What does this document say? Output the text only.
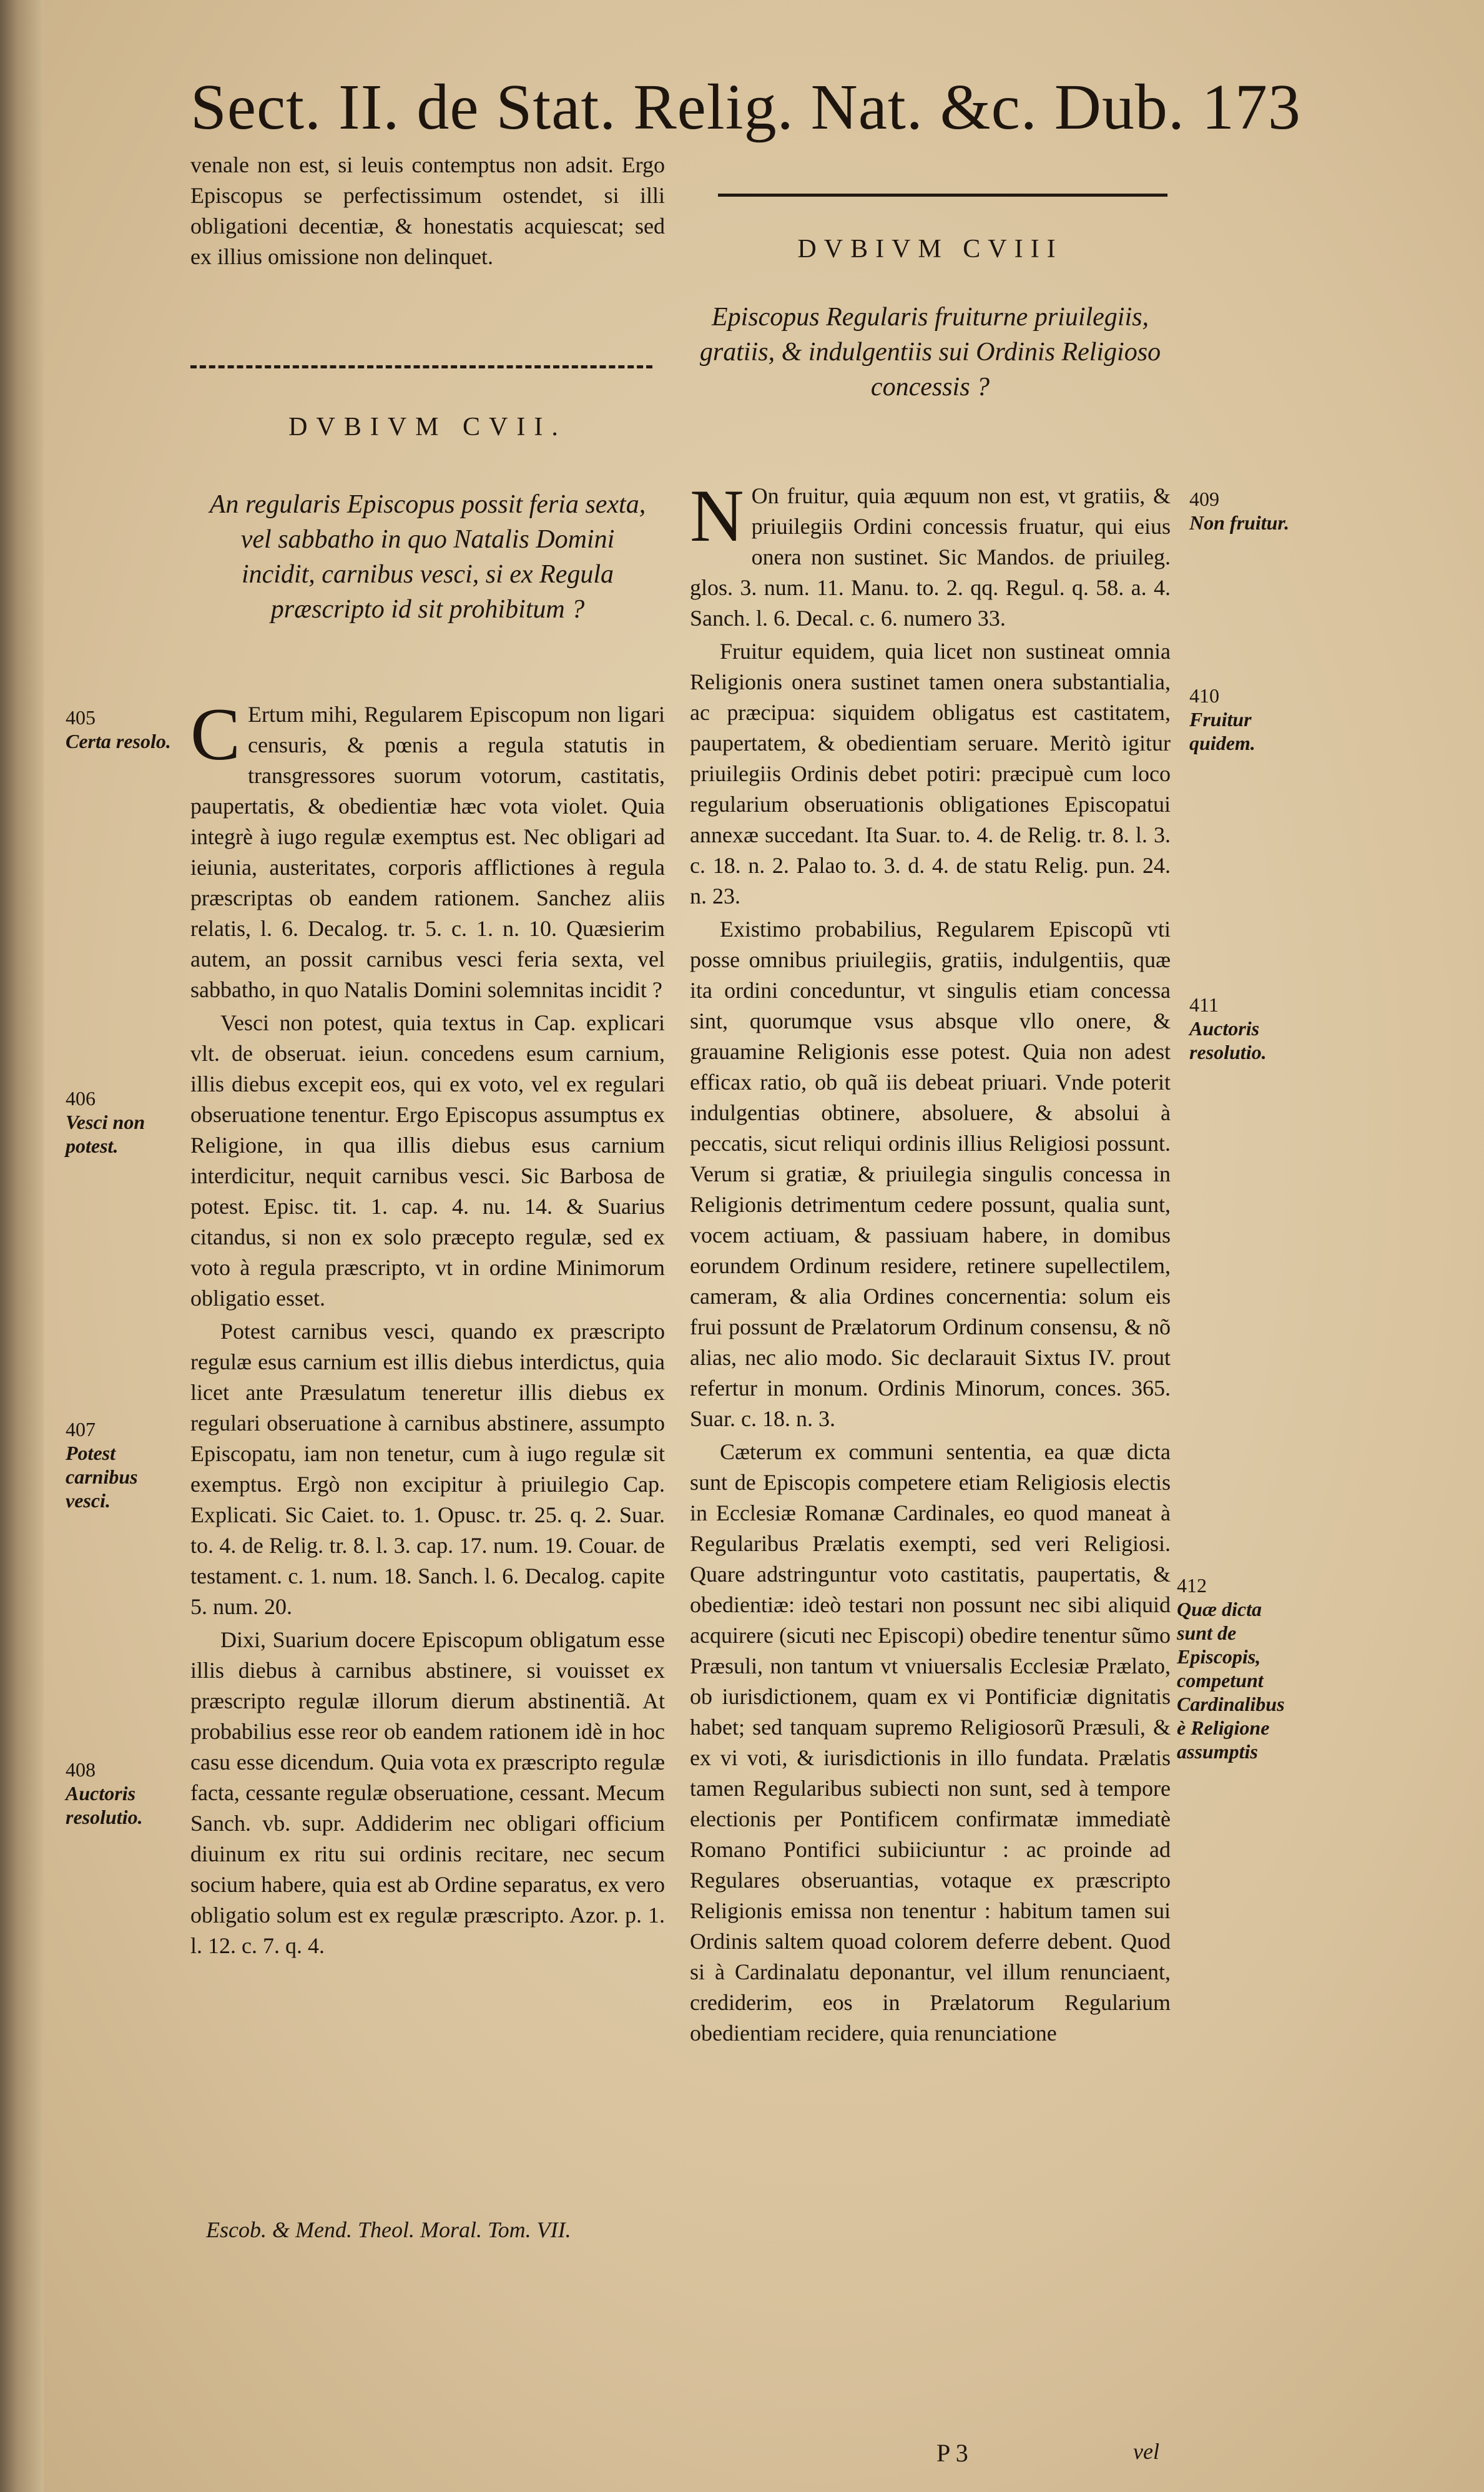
Sect. II. de Stat. Relig. Nat. &c. Dub. 173

venale non est, si leuis contemptus non adsit. Ergo Episcopus se perfectissimum ostendet, si illi obligationi decentiæ, & honestatis acquiescat; sed ex illius omissione non delinquet.

DVBIVM CVII.
An regularis Episcopus possit feria sexta, vel sabbatho in quo Natalis Domini incidit, carnibus vesci, si ex Regula præscripto id sit prohibitum ?

C Ertum mihi, Regularem Episcopum non ligari censuris, & pœnis a regula statutis in transgressores suorum votorum, castitatis, paupertatis, & obedientiæ hæc vota violet. Quia integrè à iugo regulæ exemptus est. Nec obligari ad ieiunia, austeritates, corporis afflictiones à regula præscriptas ob eandem rationem. Sanchez aliis relatis, l. 6. Decalog. tr. 5. c. 1. n. 10. Quæsierim autem, an possit carnibus vesci feria sexta, vel sabbatho, in quo Natalis Domini solemnitas incidit ?

Vesci non potest, quia textus in Cap. explicari vlt. de obseruat. ieiun. concedens esum carnium, illis diebus excepit eos, qui ex voto, vel ex regulari obseruatione tenentur. Ergo Episcopus assumptus ex Religione, in qua illis diebus esus carnium interdicitur, nequit carnibus vesci. Sic Barbosa de potest. Episc. tit. 1. cap. 4. nu. 14. & Suarius citandus, si non ex solo præcepto regulæ, sed ex voto à regula præscripto, vt in ordine Minimorum obligatio esset.

Potest carnibus vesci, quando ex præscripto regulæ esus carnium est illis diebus interdictus, quia licet ante Præsulatum teneretur illis diebus ex regulari obseruatione à carnibus abstinere, assumpto Episcopatu, iam non tenetur, cum à iugo regulæ sit exemptus. Ergò non excipitur à priuilegio Cap. Explicati. Sic Caiet. to. 1. Opusc. tr. 25. q. 2. Suar. to. 4. de Relig. tr. 8. l. 3. cap. 17. num. 19. Couar. de testament. c. 1. num. 18. Sanch. l. 6. Decalog. capite 5. num. 20.

Dixi, Suarium docere Episcopum obligatum esse illis diebus à carnibus abstinere, si vouisset ex præscripto regulæ illorum dierum abstinentiã. At probabilius esse reor ob eandem rationem idè in hoc casu esse dicendum. Quia vota ex præscripto regulæ facta, cessante regulæ obseruatione, cessant. Mecum Sanch. vb. supr. Addiderim nec obligari officium diuinum ex ritu sui ordinis recitare, nec secum socium habere, quia est ab Ordine separatus, ex vero obligatio solum est ex regulæ præscripto. Azor. p. 1. l. 12. c. 7. q. 4.

Escob. & Mend. Theol. Moral. Tom. VII.
405
Certa resolo.
406
Vesci non potest.
407
Potest carnibus vesci.
408
Auctoris resolutio.
DVBIVM CVIII
Episcopus Regularis fruiturne priuilegiis, gratiis, & indulgentiis sui Ordinis Religioso concessis ?

N On fruitur, quia æquum non est, vt gratiis, & priuilegiis Ordini concessis fruatur, qui eius onera non sustinet. Sic Mandos. de priuileg. glos. 3. num. 11. Manu. to. 2. qq. Regul. q. 58. a. 4. Sanch. l. 6. Decal. c. 6. numero 33.

Fruitur equidem, quia licet non sustineat omnia Religionis onera sustinet tamen onera substantialia, ac præcipua: siquidem obligatus est castitatem, paupertatem, & obedientiam seruare. Meritò igitur priuilegiis Ordinis debet potiri: præcipuè cum loco regularium obseruationis obligationes Episcopatui annexæ succedant. Ita Suar. to. 4. de Relig. tr. 8. l. 3. c. 18. n. 2. Palao to. 3. d. 4. de statu Relig. pun. 24. n. 23.

Existimo probabilius, Regularem Episcopũ vti posse omnibus priuilegiis, gratiis, indulgentiis, quæ ita ordini conceduntur, vt singulis etiam concessa sint, quorumque vsus absque vllo onere, & grauamine Religionis esse potest. Quia non adest efficax ratio, ob quã iis debeat priuari. Vnde poterit indulgentias obtinere, absoluere, & absolui à peccatis, sicut reliqui ordinis illius Religiosi possunt. Verum si gratiæ, & priuilegia singulis concessa in Religionis detrimentum cedere possunt, qualia sunt, vocem actiuam, & passiuam habere, in domibus eorundem Ordinum residere, retinere supellectilem, cameram, & alia Ordines concernentia: solum eis frui possunt de Prælatorum Ordinum consensu, & nõ alias, nec alio modo. Sic declarauit Sixtus IV. prout refertur in monum. Ordinis Minorum, conces. 365. Suar. c. 18. n. 3.

Cæterum ex communi sententia, ea quæ dicta sunt de Episcopis competere etiam Religiosis electis in Ecclesiæ Romanæ Cardinales, eo quod maneat à Regularibus Prælatis exempti, sed veri Religiosi. Quare adstringuntur voto castitatis, paupertatis, & obedientiæ: ideò testari non possunt nec sibi aliquid acquirere (sicuti nec Episcopi) obedire tenentur sũmo Præsuli, non tantum vt vniuersalis Ecclesiæ Prælato, ob iurisdictionem, quam ex vi Pontificiæ dignitatis habet; sed tanquam supremo Religiosorũ Præsuli, & ex vi voti, & iurisdictionis in illo fundata. Prælatis tamen Regularibus subiecti non sunt, sed à tempore electionis per Pontificem confirmatæ immediatè Romano Pontifici subiiciuntur : ac proinde ad Regulares obseruantias, votaque ex præscripto Religionis emissa non tenentur : habitum tamen sui Ordinis saltem quoad colorem deferre debent. Quod si à Cardinalatu deponantur, vel illum renunciaent, crediderim, eos in Prælatorum Regularium obedientiam recidere, quia renunciatione

P 3	vel
409
Non fruitur.
410
Fruitur quidem.
411
Auctoris resolutio.
412
Quæ dicta sunt de Episcopis, competunt Cardinalibus è Religione assumptis
